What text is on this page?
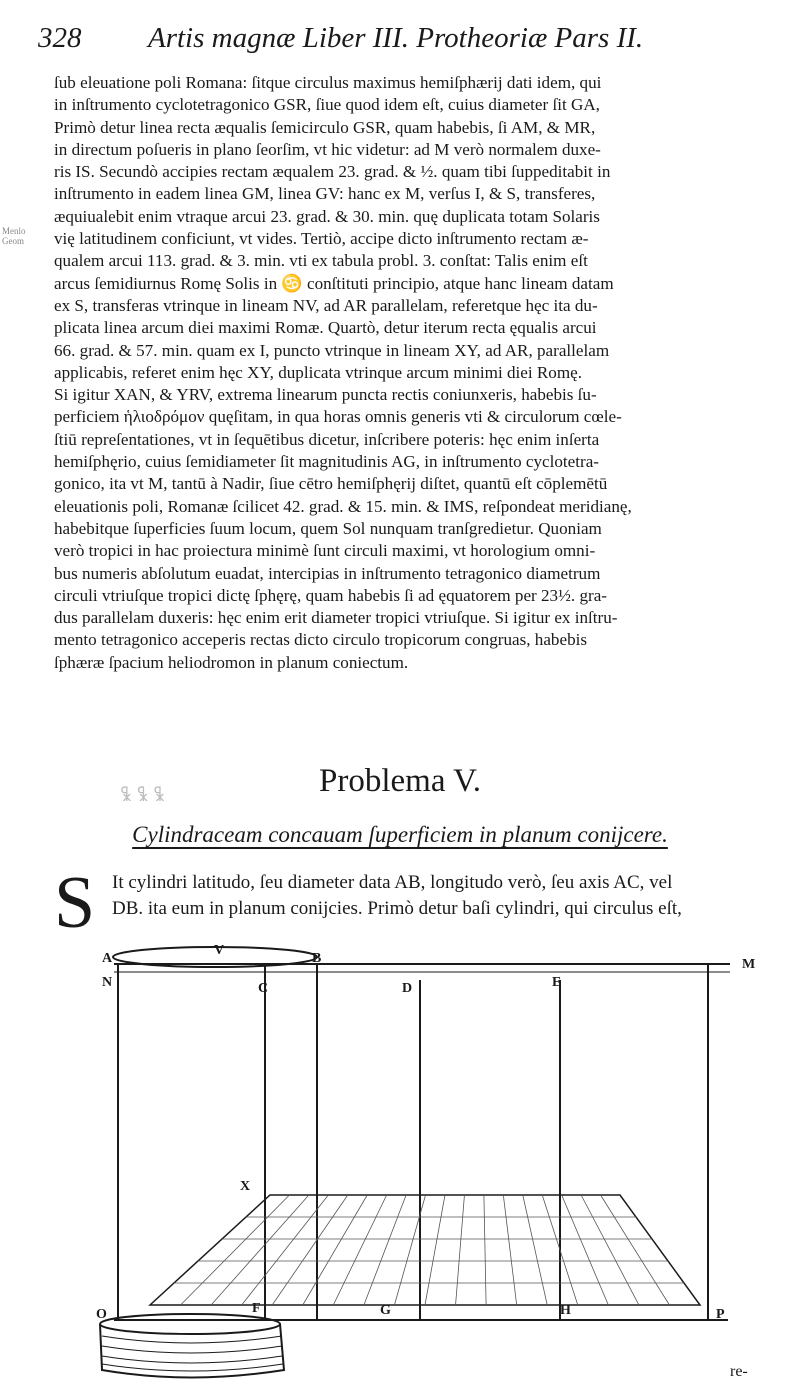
328 Artis magnæ Liber III. Protheoriæ Pars II.
Menlo Geom
ſub eleuatione poli Romana: ſitque circulus maximus hemiſphærij dati idem, qui
in inſtrumento cyclotetragonico GSR, ſiue quod idem eſt, cuius diameter ſit GA,
Primò detur linea recta æqualis ſemicirculo GSR, quam habebis, ſi AM, & MR,
in directum poſueris in plano ſeorſim, vt hic videtur: ad M verò normalem duxe-
ris IS. Secundò accipies rectam æqualem 23. grad. & ½. quam tibi ſuppeditabit in
inſtrumento in eadem linea GM, linea GV: hanc ex M, verſus I, & S, transferes,
æquiualebit enim vtraque arcui 23. grad. & 30. min. quę duplicata totam Solaris
vię latitudinem conficiunt, vt vides. Tertiò, accipe dicto inſtrumento rectam æ-
qualem arcui 113. grad. & 3. min. vti ex tabula probl. 3. conſtat: Talis enim eſt
arcus ſemidiurnus Romę Solis in ♋ conſtituti principio, atque hanc lineam datam
ex S, transferas vtrinque in lineam NV, ad AR parallelam, referetque hęc ita du-
plicata linea arcum diei maximi Romæ. Quartò, detur iterum recta ęqualis arcui
66. grad. & 57. min. quam ex I, puncto vtrinque in lineam XY, ad AR, parallelam
applicabis, referet enim hęc XY, duplicata vtrinque arcum minimi diei Romę.
Si igitur XAN, & YRV, extrema linearum puncta rectis coniunxeris, habebis ſu-
perficiem ἡλιοδρόμον quęſitam, in qua horas omnis generis vti & circulorum cœle-
ſtiū repreſentationes, vt in ſequētibus dicetur, inſcribere poteris: hęc enim inſerta
hemiſphęrio, cuius ſemidiameter ſit magnitudinis AG, in inſtrumento cyclotetra-
gonico, ita vt M, tantū à Nadir, ſiue cētro hemiſphęrij diſtet, quantū eſt cōplemētū
eleuationis poli, Romanæ ſcilicet 42. grad. & 15. min. & IMS, reſpondeat meridianę,
habebitque ſuperficies ſuum locum, quem Sol nunquam tranſgredietur. Quoniam
verò tropici in hac proiectura minimè ſunt circuli maximi, vt horologium omni-
bus numeris abſolutum euadat, intercipias in inſtrumento tetragonico diametrum
circuli vtriuſque tropici dictę ſphęrę, quam habebis ſi ad ęquatorem per 23½. gra-
dus parallelam duxeris: hęc enim erit diameter tropici vtriuſque. Si igitur ex inſtru-
mento tetragonico acceperis rectas dicto circulo tropicorum congruas, habebis
ſphæræ ſpacium heliodromon in planum coniectum.
☧ ☧ ☧	Problema V.
Cylindraceam concauam ſuperficiem in planum conijcere.
S It cylindri latitudo, ſeu diameter data AB, longitudo verò, ſeu axis AC, vel
DB. ita eum in planum conijcies. Primò detur baſi cylindri, qui circulus eſt,
A
V
B
N	C	D	E
M
O	F	G	H	P
X
re-
